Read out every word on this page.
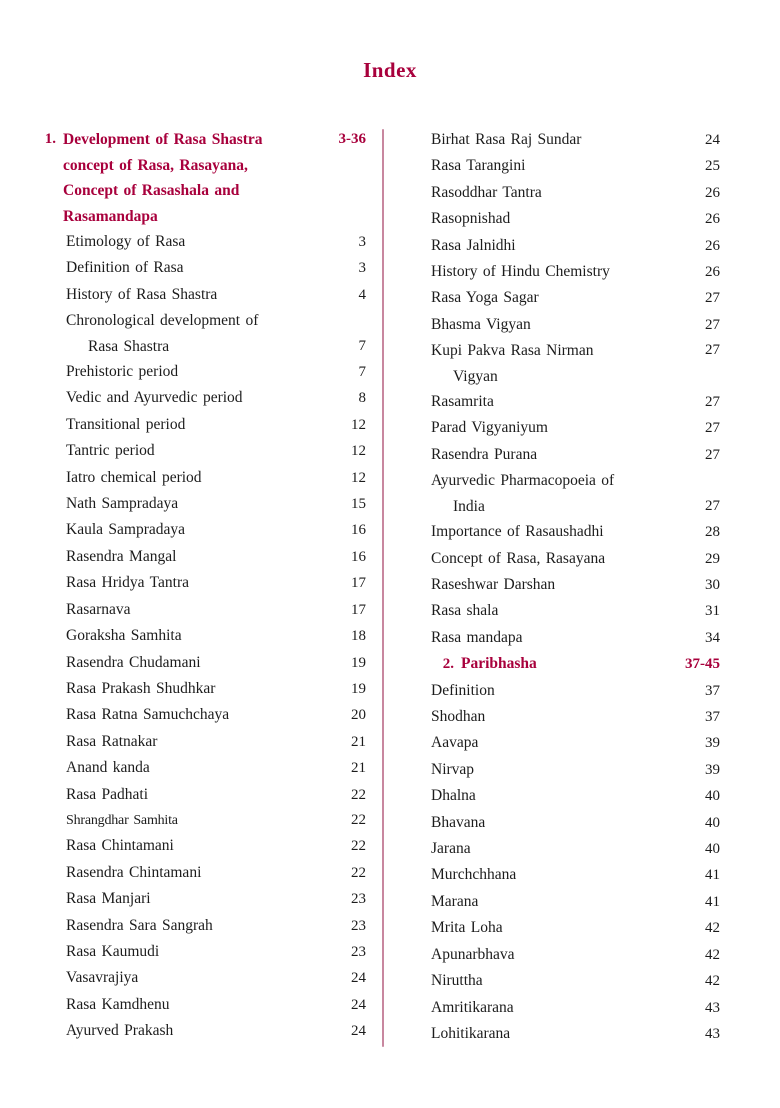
Index
1. Development of Rasa Shastra
concept of Rasa, Rasayana,
Concept of Rasashala and
Rasamandapa
3-36

Etimology of Rasa	3

Definition of Rasa	3

History of Rasa Shastra	4

Chronological development of
Rasa Shastra	7

Prehistoric period	7

Vedic and Ayurvedic period	8

Transitional period	12

Tantric period	12

Iatro chemical period	12

Nath Sampradaya	15

Kaula Sampradaya	16

Rasendra Mangal	16

Rasa Hridya Tantra	17

Rasarnava	17

Goraksha Samhita	18

Rasendra Chudamani	19

Rasa Prakash Shudhkar	19

Rasa Ratna Samuchchaya	20

Rasa Ratnakar	21

Anand kanda	21

Rasa Padhati	22

Shrangdhar Samhita	22

Rasa Chintamani	22

Rasendra Chintamani	22

Rasa Manjari	23

Rasendra Sara Sangrah	23

Rasa Kaumudi	23

Vasavrajiya	24

Rasa Kamdhenu	24

Ayurved Prakash	24
Birhat Rasa Raj Sundar	24
Rasa Tarangini	25
Rasoddhar Tantra	26
Rasopnishad	26
Rasa Jalnidhi	26
History of Hindu Chemistry	26
Rasa Yoga Sagar	27
Bhasma Vigyan	27
Kupi Pakva Rasa Nirman
Vigyan
27
Rasamrita	27
Parad Vigyaniyum	27
Rasendra Purana	27
Ayurvedic Pharmacopoeia of
India	27
Importance of Rasaushadhi	28
Concept of Rasa, Rasayana	29
Raseshwar Darshan	30
Rasa shala	31
Rasa mandapa	34
2. Paribhasha	37-45
Definition	37
Shodhan	37
Aavapa	39
Nirvap	39
Dhalna	40
Bhavana	40
Jarana	40
Murchchhana	41
Marana	41
Mrita Loha	42
Apunarbhava	42
Niruttha	42
Amritikarana	43
Lohitikarana	43
